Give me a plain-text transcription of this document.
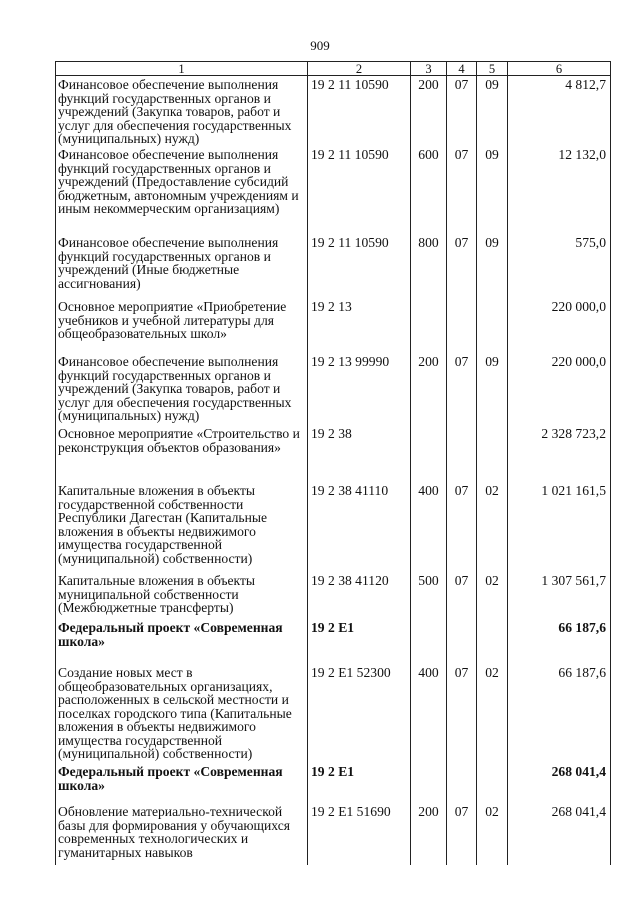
909
1	2	3	4	5	6
Финансовое обеспечение выполнения функций государственных органов и учреждений (Закупка товаров, работ и услуг для обеспечения государственных (муниципальных) нужд)	19 2 11 10590	200	07	09	4 812,7
Финансовое обеспечение выполнения функций государственных органов и учреждений (Предоставление субсидий бюджетным, автономным учреждениям и иным некоммерческим организациям)	19 2 11 10590	600	07	09	12 132,0
Финансовое обеспечение выполнения функций государственных органов и учреждений (Иные бюджетные ассигнования)	19 2 11 10590	800	07	09	575,0
Основное мероприятие «Приобретение учебников и учебной литературы для общеобразовательных школ»	19 2 13				220 000,0
Финансовое обеспечение выполнения функций государственных органов и учреждений (Закупка товаров, работ и услуг для обеспечения государственных (муниципальных) нужд)	19 2 13 99990	200	07	09	220 000,0
Основное мероприятие «Строительство и реконструкция объектов образования»	19 2 38				2 328 723,2
Капитальные вложения в объекты государственной собственности Республики Дагестан (Капитальные вложения в объекты недвижимого имущества государственной (муниципальной) собственности)	19 2 38 41110	400	07	02	1 021 161,5
Капитальные вложения в объекты муниципальной собственности (Межбюджетные трансферты)	19 2 38 41120	500	07	02	1 307 561,7
Федеральный проект «Современная школа»	19 2 E1				66 187,6
Создание новых мест в общеобразовательных организациях, расположенных в сельской местности и поселках городского типа (Капитальные вложения в объекты недвижимого имущества государственной (муниципальной) собственности)	19 2 E1 52300	400	07	02	66 187,6
Федеральный проект «Современная школа»	19 2 E1				268 041,4
Обновление материально-технической базы для формирования у обучающихся современных технологических и гуманитарных навыков	19 2 E1 51690	200	07	02	268 041,4
